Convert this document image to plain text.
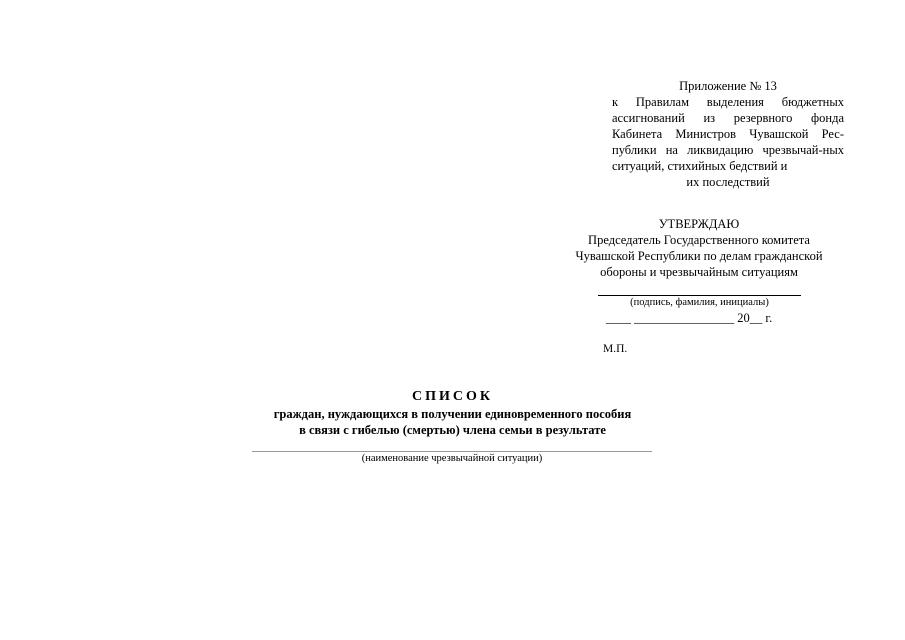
Приложение № 13
к Правилам выделения бюджетных ассигнований из резервного фонда Кабинета Министров Чувашской Рес-публики на ликвидацию чрезвычай-ных ситуаций, стихийных бедствий и
их последствий
УТВЕРЖДАЮ
Председатель Государственного комитета
Чувашской Республики по делам гражданской
обороны и чрезвычайным ситуациям
(подпись, фамилия, инициалы)
____ ________________ 20__ г.
М.П.
СПИСОК
граждан, нуждающихся в получении единовременного пособия
в связи с гибелью (смертью) члена семьи в результате
(наименование чрезвычайной ситуации)
